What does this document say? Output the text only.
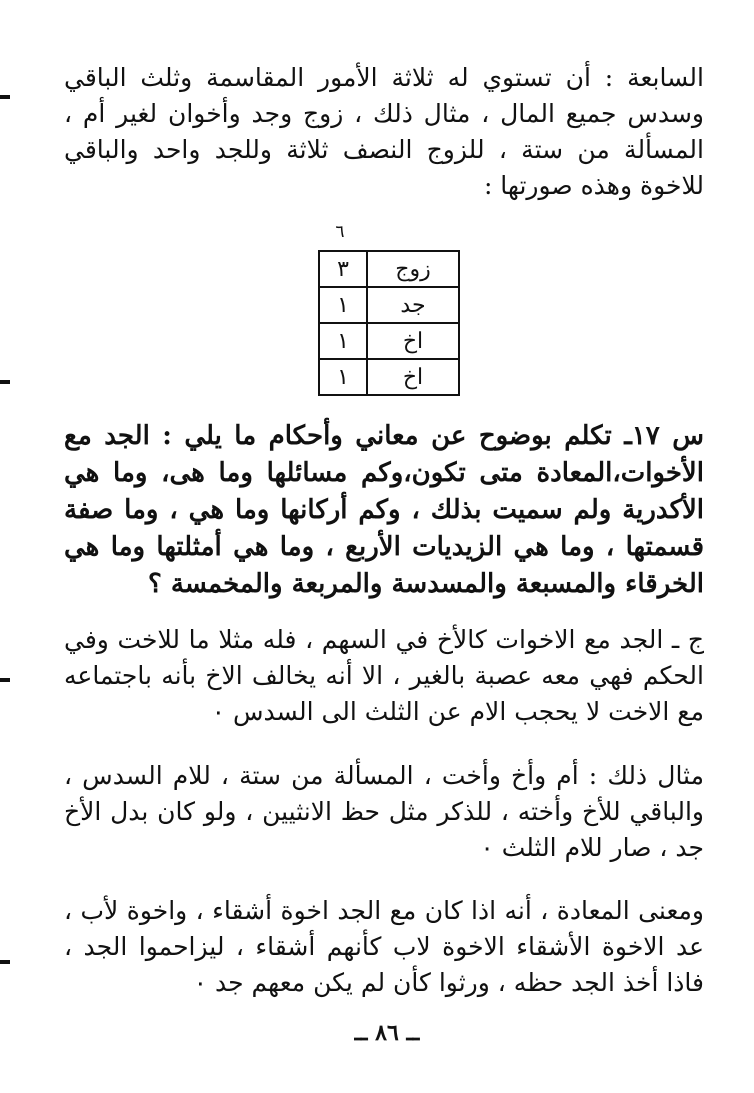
السابعة : أن تستوي له ثلاثة الأمور المقاسمة وثلث الباقي وسدس جميع المال ، مثال ذلك ، زوج وجد وأخوان لغير أم ، المسألة من ستة ، للزوج النصف ثلاثة وللجد واحد والباقي للاخوة وهذه صورتها :

٦
زوج	٣
جد	١
اخ	١
اخ	١

س ١٧ـ تكلم بوضوح عن معاني وأحكام ما يلي : الجد مع الأخوات،المعادة متى تكون،وكم مسائلها وما هى، وما هي الأكدرية ولم سميت بذلك ، وكم أركانها وما هي ، وما صفة قسمتها ، وما هي الزيديات الأربع ، وما هي أمثلتها وما هي الخرقاء والمسبعة والمسدسة والمربعة والمخمسة ؟

ج ـ الجد مع الاخوات كالأخ في السهم ، فله مثلا ما للاخت وفي الحكم فهي معه عصبة بالغير ، الا أنه يخالف الاخ بأنه باجتماعه مع الاخت لا يحجب الام عن الثلث الى السدس ٠

مثال ذلك : أم وأخ وأخت ، المسألة من ستة ، للام السدس ، والباقي للأخ وأخته ، للذكر مثل حظ الانثيين ، ولو كان بدل الأخ جد ، صار للام الثلث ٠

ومعنى المعادة ، أنه اذا كان مع الجد اخوة أشقاء ، واخوة لأب ، عد الاخوة الأشقاء الاخوة لاب كأنهم أشقاء ، ليزاحموا الجد ، فاذا أخذ الجد حظه ، ورثوا كأن لم يكن معهم جد ٠

ــ ٨٦ ــ
